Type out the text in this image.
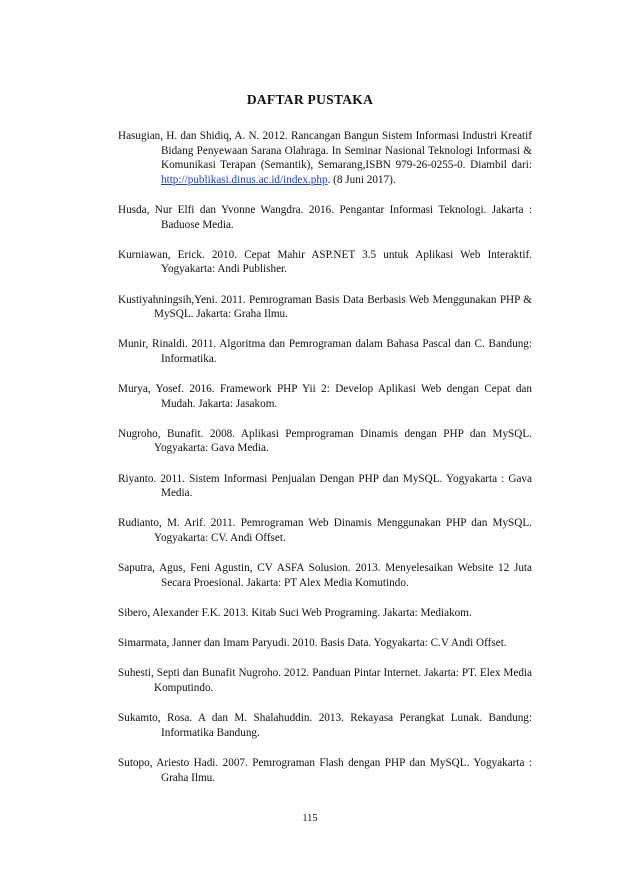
DAFTAR PUSTAKA
Hasugian, H. dan Shidiq, A. N. 2012. Rancangan Bangun Sistem Informasi Industri Kreatif Bidang Penyewaan Sarana Olahraga. In Seminar Nasional Teknologi Informasi & Komunikasi Terapan (Semantik), Semarang,ISBN 979-26-0255-0. Diambil dari: http://publikasi.dinus.ac.id/index.php. (8 Juni 2017).
Husda, Nur Elfi dan Yvonne Wangdra. 2016. Pengantar Informasi Teknologi. Jakarta : Baduose Media.
Kurniawan, Erick. 2010. Cepat Mahir ASP.NET 3.5 untuk Aplikasi Web Interaktif. Yogyakarta: Andi Publisher.
Kustiyahningsih,Yeni. 2011. Pemrograman Basis Data Berbasis Web Menggunakan PHP & MySQL. Jakarta: Graha Ilmu.
Munir, Rinaldi. 2011. Algoritma dan Pemrograman dalam Bahasa Pascal dan C. Bandung: Informatika.
Murya, Yosef. 2016. Framework PHP Yii 2: Develop Aplikasi Web dengan Cepat dan Mudah. Jakarta: Jasakom.
Nugroho, Bunafit. 2008. Aplikasi Pemprograman Dinamis dengan PHP dan MySQL. Yogyakarta: Gava Media.
Riyanto. 2011. Sistem Informasi Penjualan Dengan PHP dan MySQL. Yogyakarta : Gava Media.
Rudianto, M. Arif. 2011. Pemrograman Web Dinamis Menggunakan PHP dan MySQL. Yogyakarta: CV. Andi Offset.
Saputra, Agus, Feni Agustin, CV ASFA Solusion. 2013. Menyelesaikan Website 12 Juta Secara Proesional. Jakarta: PT Alex Media Komutindo.
Sibero, Alexander F.K. 2013. Kitab Suci Web Programing. Jakarta: Mediakom.
Simarmata, Janner dan Imam Paryudi. 2010. Basis Data. Yogyakarta: C.V Andi Offset.
Suhesti, Septi dan Bunafit Nugroho. 2012. Panduan Pintar Internet. Jakarta: PT. Elex Media Komputindo.
Sukamto, Rosa. A dan M. Shalahuddin. 2013. Rekayasa Perangkat Lunak. Bandung: Informatika Bandung.
Sutopo, Ariesto Hadi. 2007. Pemrograman Flash dengan PHP dan MySQL. Yogyakarta : Graha Ilmu.
115
